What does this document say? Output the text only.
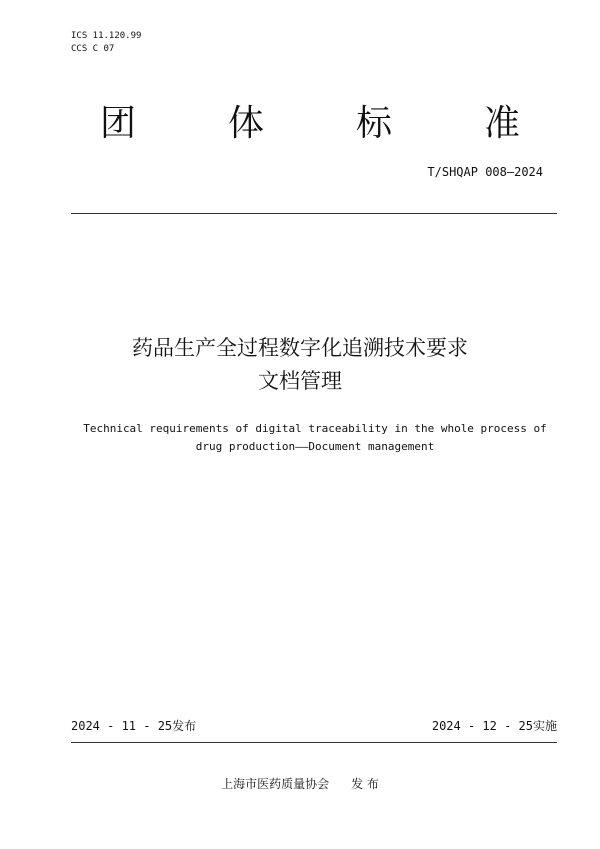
ICS 11.120.99
CCS C 07
团	体	标	准
T/SHQAP 008—2024
药品生产全过程数字化追溯技术要求
文档管理
Technical requirements of digital traceability in the whole process of
drug production——Document management
2024 - 11 - 25发布	2024 - 12 - 25实施
上海市医药质量协会 发 布
